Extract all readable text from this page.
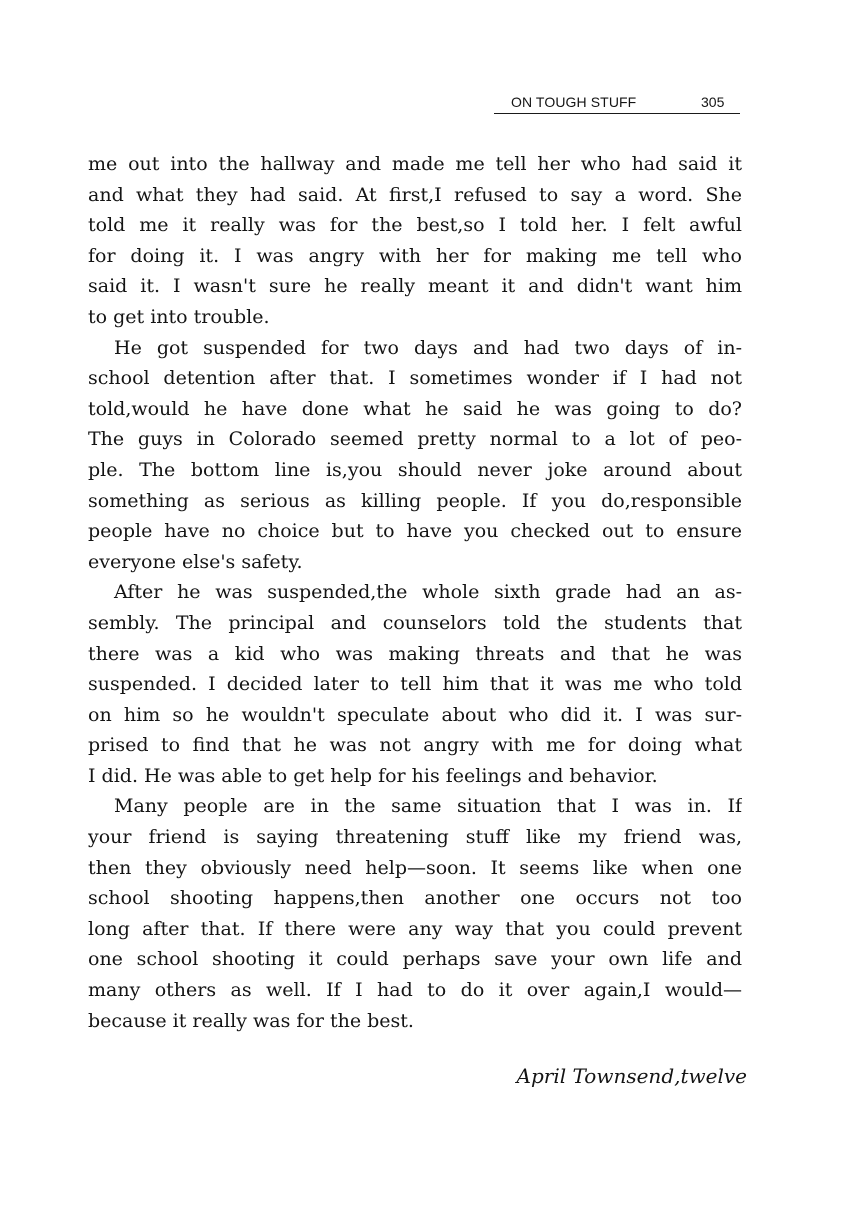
ON TOUGH STUFF	305
me out into the hallway and made me tell her who had said it
and what they had said. At first,I refused to say a word. She
told me it really was for the best,so I told her. I felt awful
for doing it. I was angry with her for making me tell who
said it. I wasn't sure he really meant it and didn't want him
to get into trouble.
He got suspended for two days and had two days of in-
school detention after that. I sometimes wonder if I had not
told,would he have done what he said he was going to do?
The guys in Colorado seemed pretty normal to a lot of peo-
ple. The bottom line is,you should never joke around about
something as serious as killing people. If you do,responsible
people have no choice but to have you checked out to ensure
everyone else's safety.
After he was suspended,the whole sixth grade had an as-
sembly. The principal and counselors told the students that
there was a kid who was making threats and that he was
suspended. I decided later to tell him that it was me who told
on him so he wouldn't speculate about who did it. I was sur-
prised to find that he was not angry with me for doing what
I did. He was able to get help for his feelings and behavior.
Many people are in the same situation that I was in. If
your friend is saying threatening stuff like my friend was,
then they obviously need help—soon. It seems like when one
school shooting happens,then another one occurs not too
long after that. If there were any way that you could prevent
one school shooting it could perhaps save your own life and
many others as well. If I had to do it over again,I would—
because it really was for the best.
April Townsend,twelve
